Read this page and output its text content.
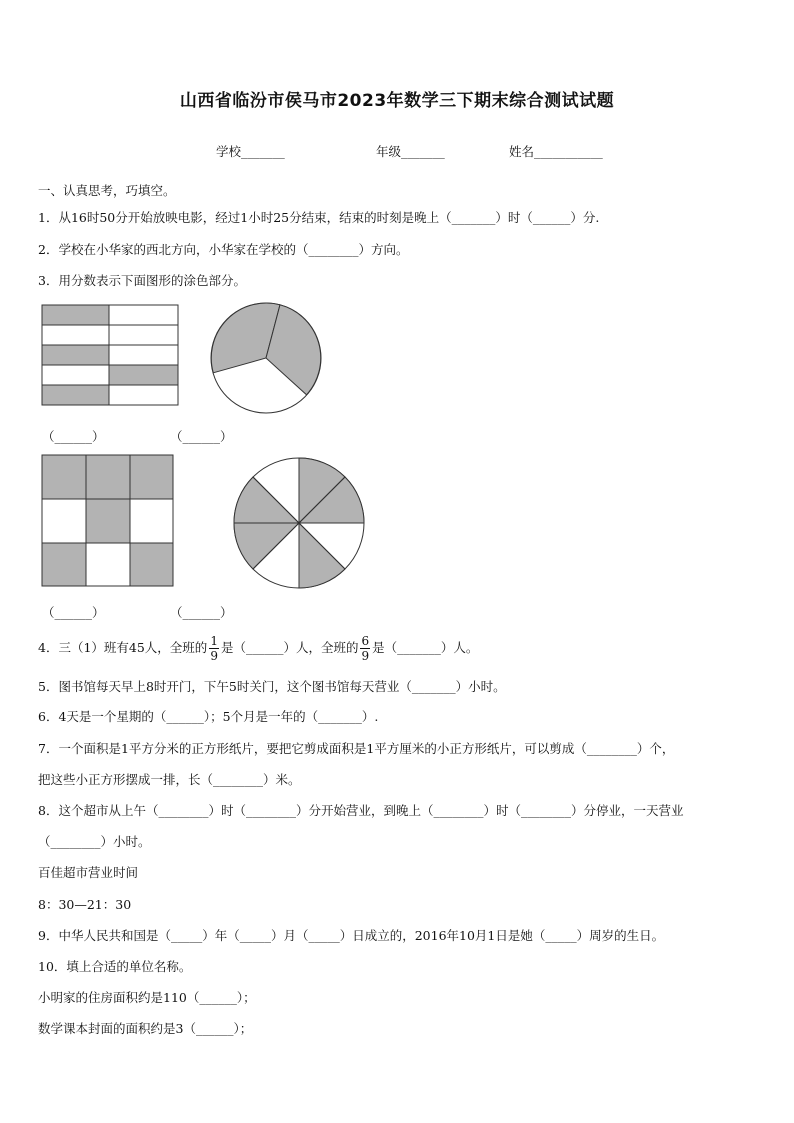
山西省临汾市侯马市2023年数学三下期末综合测试试题
学校_______	年级_______	姓名___________
一、认真思考，巧填空。
1．从16时50分开始放映电影，经过1小时25分结束，结束的时刻是晚上（_______）时（______）分.
2．学校在小华家的西北方向，小华家在学校的（________）方向。
3．用分数表示下面图形的涂色部分。
（______）	（______）
（______）	（______）
4．三（1）班有45人，全班的 $\frac{1}{9}$ 是（______）人，全班的 $\frac{6}{9}$ 是（_______）人。
5．图书馆每天早上8时开门，下午5时关门，这个图书馆每天营业（_______）小时。
6．4天是一个星期的（______）；5个月是一年的（_______）.
7．一个面积是1平方分米的正方形纸片，要把它剪成面积是1平方厘米的小正方形纸片，可以剪成（________）个，
把这些小正方形摆成一排，长（________）米。
8．这个超市从上午（________）时（________）分开始营业，到晚上（________）时（________）分停业，一天营业
（________）小时。
百佳超市营业时间
8：30—21：30
9．中华人民共和国是（_____）年（_____）月（_____）日成立的，2016年10月1日是她（_____）周岁的生日。
10．填上合适的单位名称。
小明家的住房面积约是110（______）；
数学课本封面的面积约是3（______）；
